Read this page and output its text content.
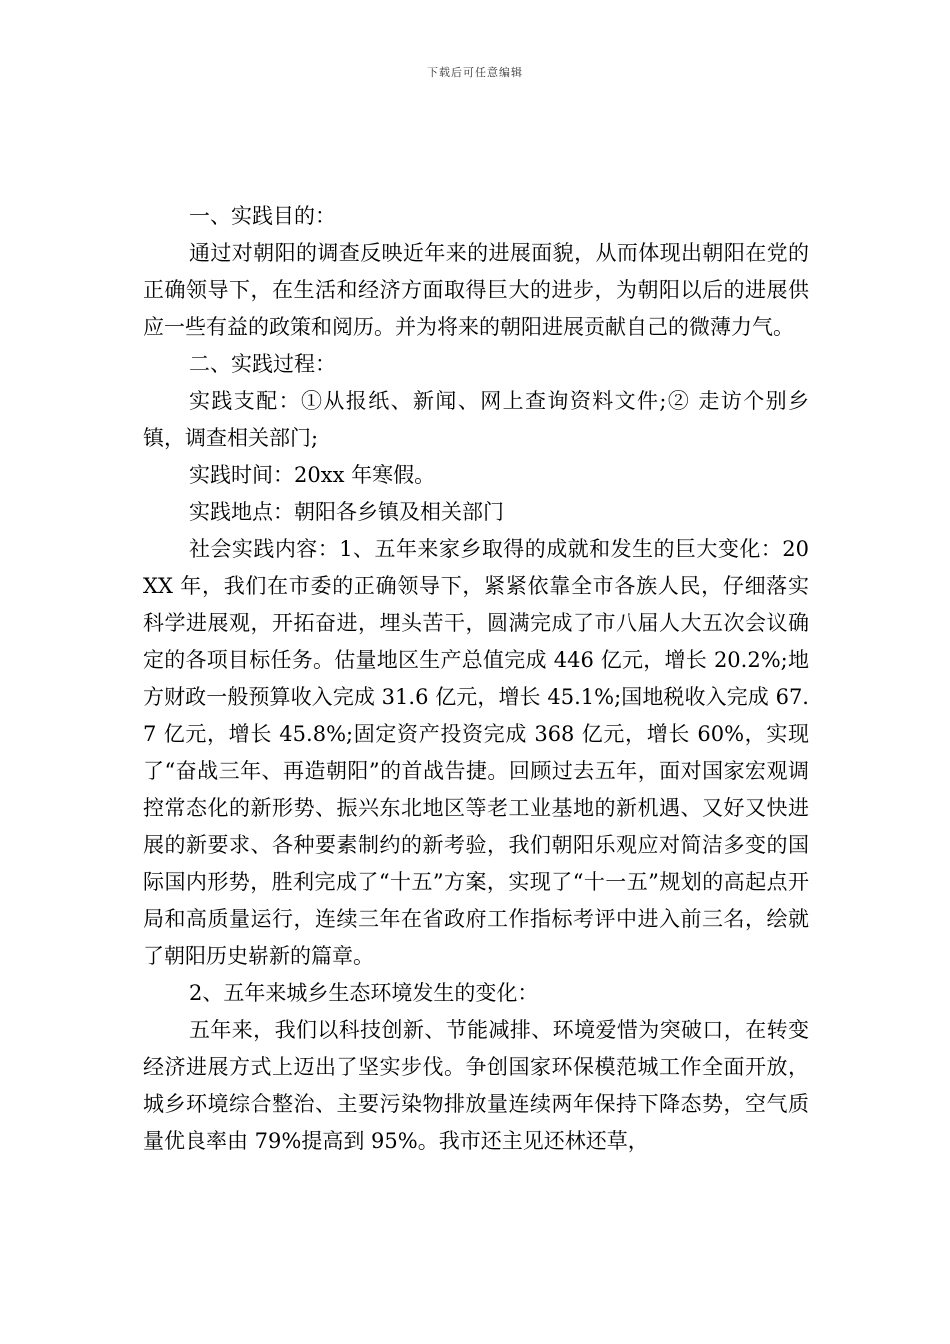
下载后可任意编辑

一、实践目的：

通过对朝阳的调查反映近年来的进展面貌，从而体现出朝阳在党的正确领导下，在生活和经济方面取得巨大的进步，为朝阳以后的进展供应一些有益的政策和阅历。并为将来的朝阳进展贡献自己的微薄力气。

二、实践过程：

实践支配：①从报纸、新闻、网上查询资料文件;② 走访个别乡镇，调查相关部门;

实践时间：20xx 年寒假。

实践地点：朝阳各乡镇及相关部门

社会实践内容：1、五年来家乡取得的成就和发生的巨大变化：20XX 年，我们在市委的正确领导下，紧紧依靠全市各族人民，仔细落实科学进展观，开拓奋进，埋头苦干，圆满完成了市八届人大五次会议确定的各项目标任务。估量地区生产总值完成 446 亿元，增长 20.2%;地方财政一般预算收入完成 31.6 亿元，增长 45.1%;国地税收入完成 67.7 亿元，增长 45.8%;固定资产投资完成 368 亿元，增长 60%，实现了“奋战三年、再造朝阳”的首战告捷。回顾过去五年，面对国家宏观调控常态化的新形势、振兴东北地区等老工业基地的新机遇、又好又快进展的新要求、各种要素制约的新考验，我们朝阳乐观应对简洁多变的国际国内形势，胜利完成了“十五”方案，实现了“十一五”规划的高起点开局和高质量运行，连续三年在省政府工作指标考评中进入前三名，绘就了朝阳历史崭新的篇章。

2、五年来城乡生态环境发生的变化：

五年来，我们以科技创新、节能减排、环境爱惜为突破口，在转变经济进展方式上迈出了坚实步伐。争创国家环保模范城工作全面开放，城乡环境综合整治、主要污染物排放量连续两年保持下降态势，空气质量优良率由 79%提高到 95%。我市还主见还林还草，
